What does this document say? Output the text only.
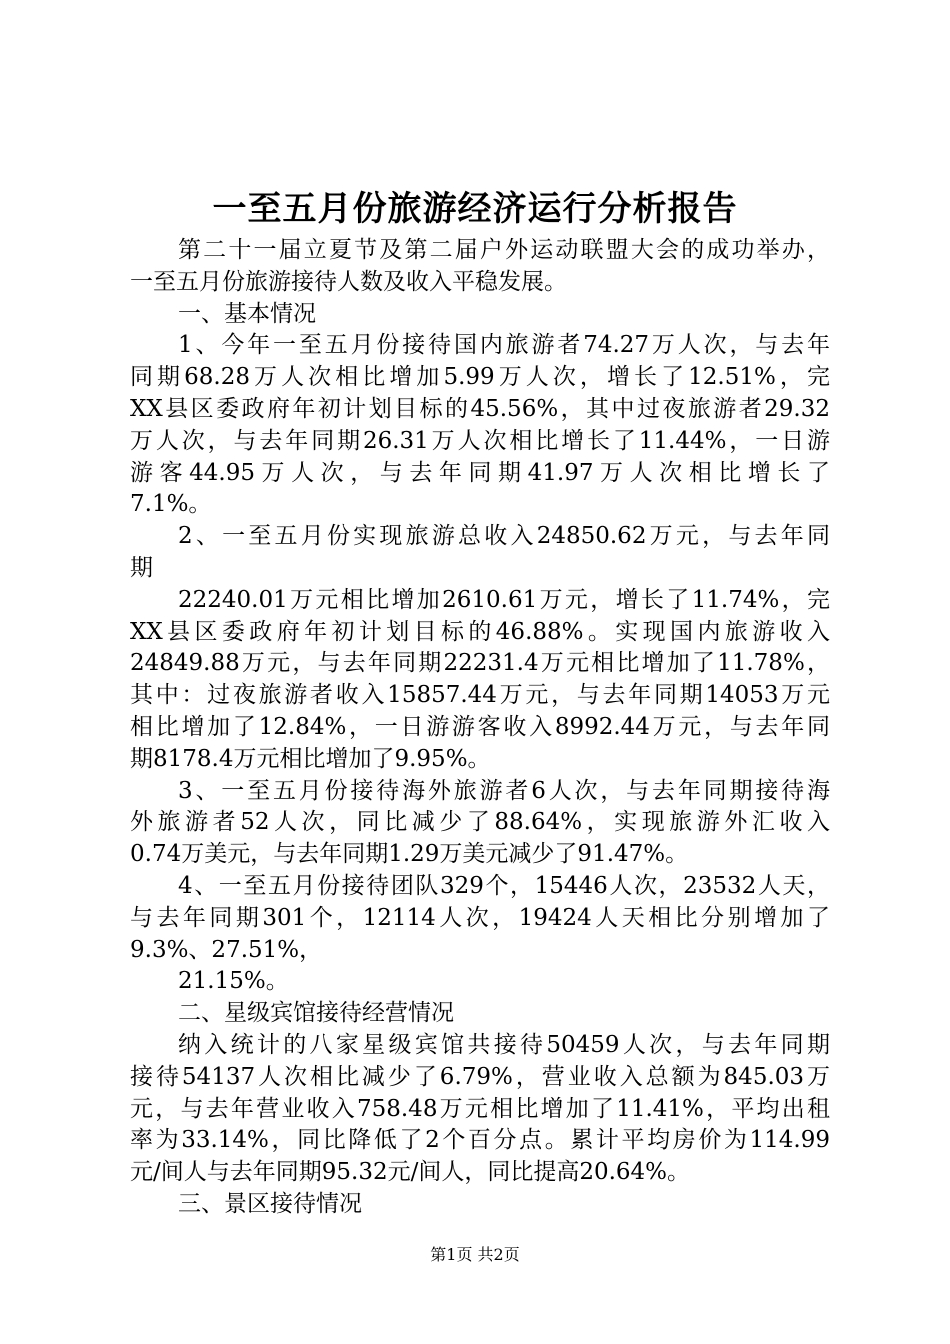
一至五月份旅游经济运行分析报告
第二十一届立夏节及第二届户外运动联盟大会的成功举办，
一至五月份旅游接待人数及收入平稳发展。
一、基本情况
1、今年一至五月份接待国内旅游者74.27万人次，与去年
同期68.28万人次相比增加5.99万人次，增长了12.51%，完
XX县区委政府年初计划目标的45.56%，其中过夜旅游者29.32
万人次，与去年同期26.31万人次相比增长了11.44%，一日游
游客44.95万人次，与去年同期41.97万人次相比增长了
7.1%。
2、一至五月份实现旅游总收入24850.62万元，与去年同
期
22240.01万元相比增加2610.61万元，增长了11.74%，完
XX县区委政府年初计划目标的46.88%。实现国内旅游收入
24849.88万元，与去年同期22231.4万元相比增加了11.78%，
其中：过夜旅游者收入15857.44万元，与去年同期14053万元
相比增加了12.84%，一日游游客收入8992.44万元，与去年同
期8178.4万元相比增加了9.95%。
3、一至五月份接待海外旅游者6人次，与去年同期接待海
外旅游者52人次，同比减少了88.64%，实现旅游外汇收入
0.74万美元，与去年同期1.29万美元减少了91.47%。
4、一至五月份接待团队329个，15446人次，23532人天，
与去年同期301个，12114人次，19424人天相比分别增加了
9.3%、27.51%，
21.15%。
二、星级宾馆接待经营情况
纳入统计的八家星级宾馆共接待50459人次，与去年同期
接待54137人次相比减少了6.79%，营业收入总额为845.03万
元，与去年营业收入758.48万元相比增加了11.41%，平均出租
率为33.14%，同比降低了2个百分点。累计平均房价为114.99
元/间人与去年同期95.32元/间人，同比提高20.64%。
三、景区接待情况
第1页 共2页
